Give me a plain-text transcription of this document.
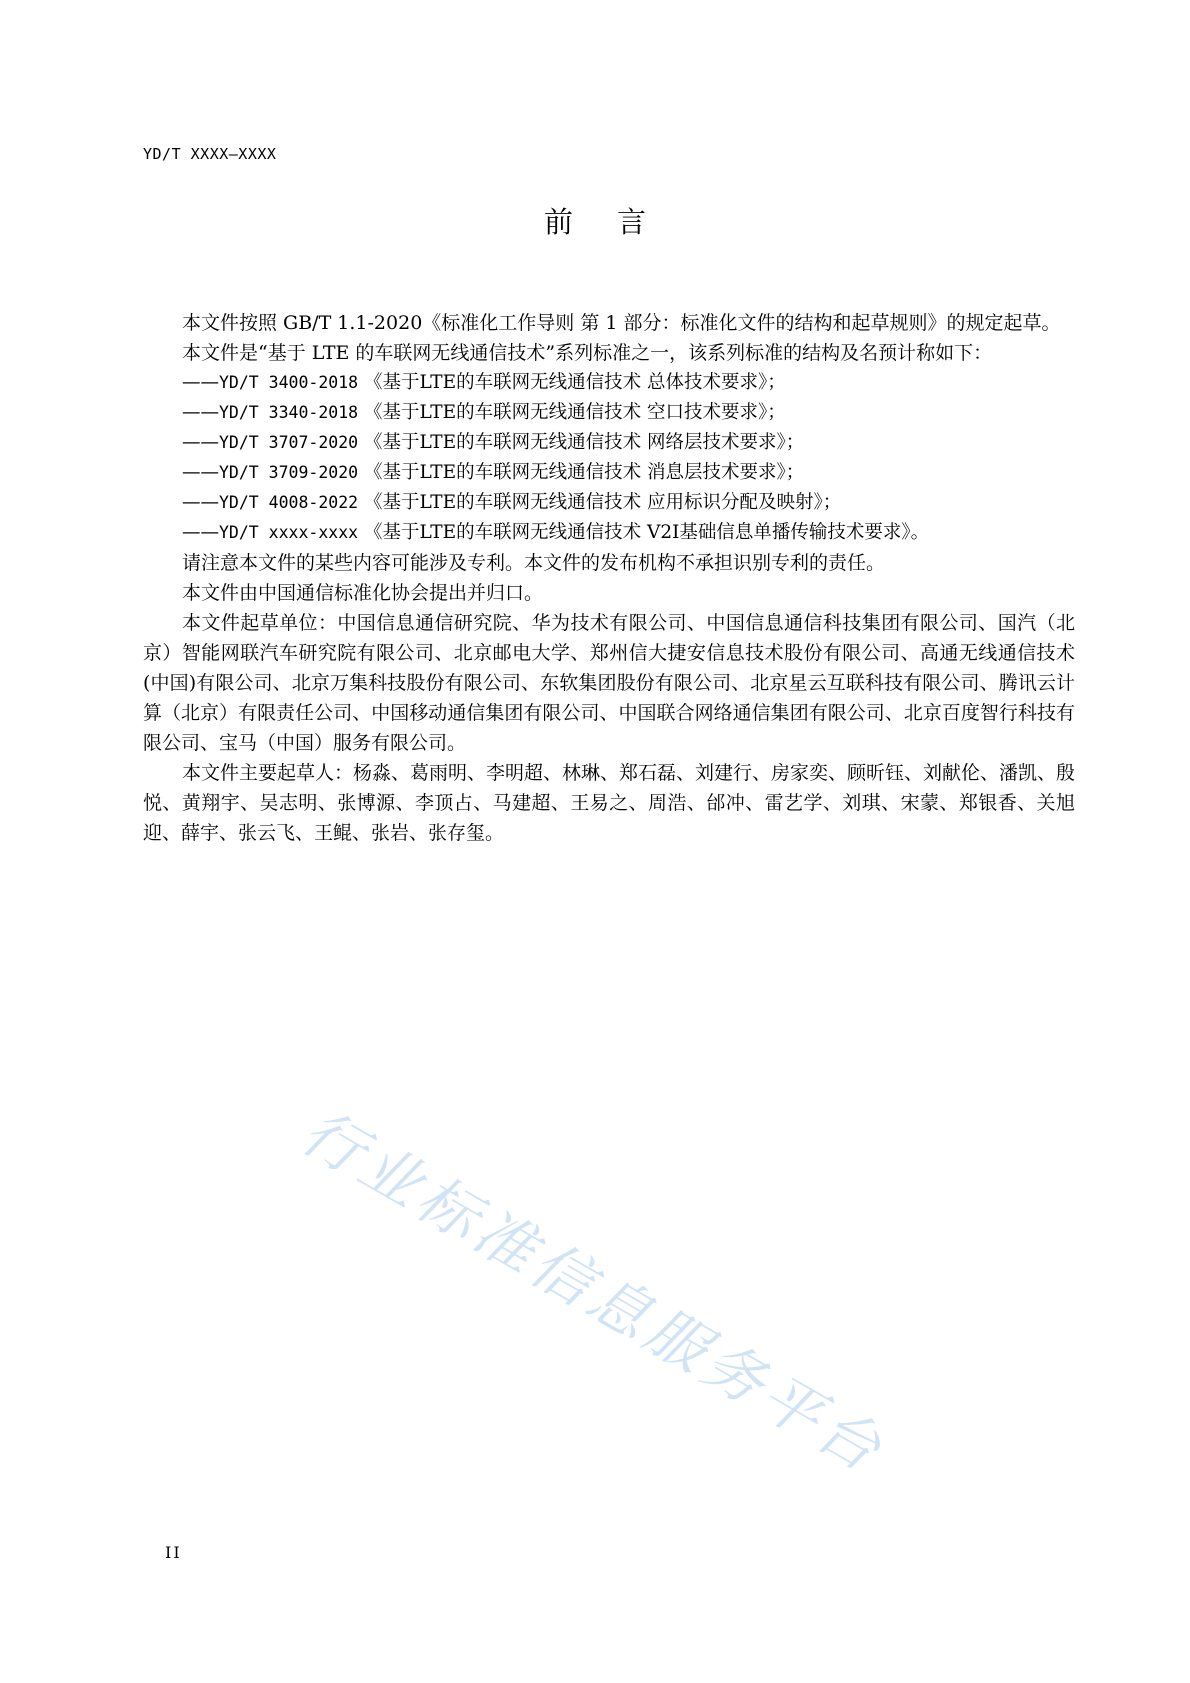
YD/T XXXX—XXXX
前言

本文件按照 GB/T 1.1-2020《标准化工作导则 第 1 部分：标准化文件的结构和起草规则》的规定起草。

本文件是“基于 LTE 的车联网无线通信技术”系列标准之一，该系列标准的结构及名预计称如下：

——YD/T 3400-2018 《基于LTE的车联网无线通信技术 总体技术要求》；
——YD/T 3340-2018 《基于LTE的车联网无线通信技术 空口技术要求》；
——YD/T 3707-2020 《基于LTE的车联网无线通信技术 网络层技术要求》；
——YD/T 3709-2020 《基于LTE的车联网无线通信技术 消息层技术要求》；
——YD/T 4008-2022 《基于LTE的车联网无线通信技术 应用标识分配及映射》；
——YD/T xxxx-xxxx 《基于LTE的车联网无线通信技术 V2I基础信息单播传输技术要求》。

请注意本文件的某些内容可能涉及专利。本文件的发布机构不承担识别专利的责任。

本文件由中国通信标准化协会提出并归口。

本文件起草单位：中国信息通信研究院、华为技术有限公司、中国信息通信科技集团有限公司、国汽（北京）智能网联汽车研究院有限公司、北京邮电大学、郑州信大捷安信息技术股份有限公司、高通无线通信技术(中国)有限公司、北京万集科技股份有限公司、东软集团股份有限公司、北京星云互联科技有限公司、腾讯云计算（北京）有限责任公司、中国移动通信集团有限公司、中国联合网络通信集团有限公司、北京百度智行科技有限公司、宝马（中国）服务有限公司。

本文件主要起草人：杨淼、葛雨明、李明超、林琳、郑石磊、刘建行、房家奕、顾昕钰、刘献伦、潘凯、殷悦、黄翔宇、吴志明、张博源、李顶占、马建超、王易之、周浩、邰冲、雷艺学、刘琪、宋蒙、郑银香、关旭迎、薛宇、张云飞、王鲲、张岩、张存玺。

行业标准信息服务平台
II
